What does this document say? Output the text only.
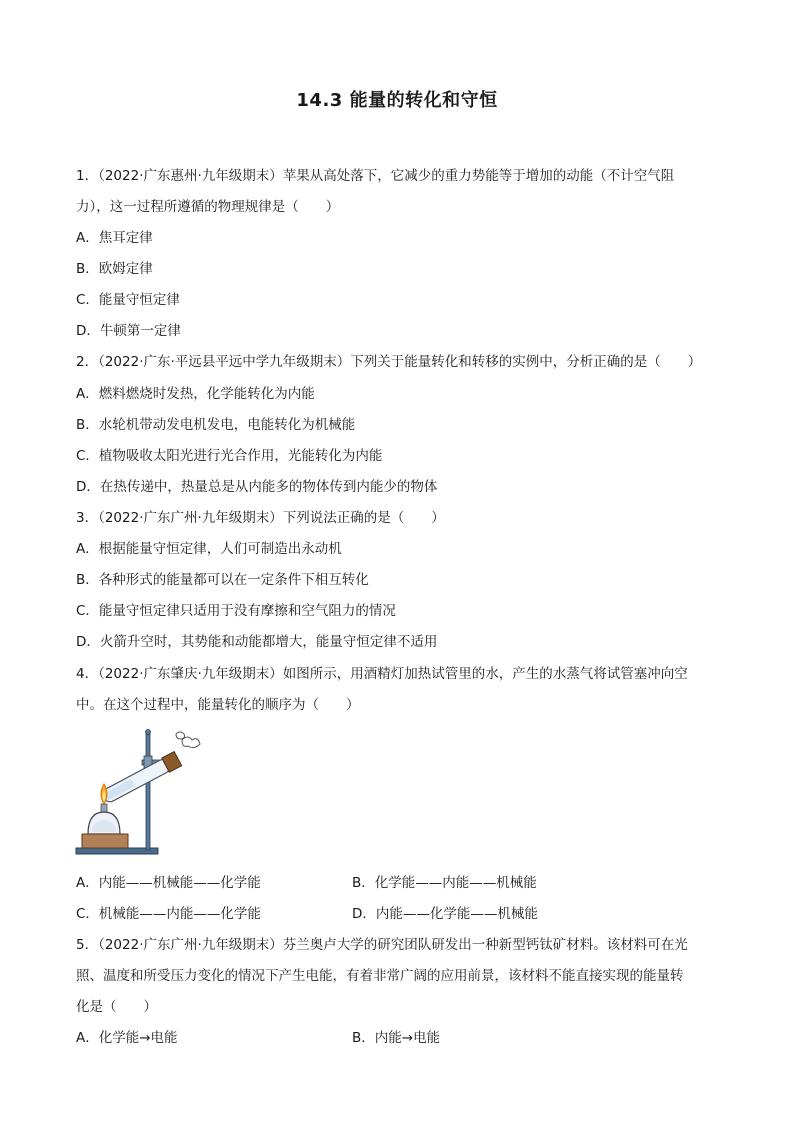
14.3 能量的转化和守恒
1．（2022·广东惠州·九年级期末）苹果从高处落下，它减少的重力势能等于增加的动能（不计空气阻
力），这一过程所遵循的物理规律是（　　）
A．焦耳定律
B．欧姆定律
C．能量守恒定律
D．牛顿第一定律
2．（2022·广东·平远县平远中学九年级期末）下列关于能量转化和转移的实例中，分析正确的是（　　）
A．燃料燃烧时发热，化学能转化为内能
B．水轮机带动发电机发电，电能转化为机械能
C．植物吸收太阳光进行光合作用，光能转化为内能
D．在热传递中，热量总是从内能多的物体传到内能少的物体
3．（2022·广东广州·九年级期末）下列说法正确的是（　　）
A．根据能量守恒定律，人们可制造出永动机
B．各种形式的能量都可以在一定条件下相互转化
C．能量守恒定律只适用于没有摩擦和空气阻力的情况
D．火箭升空时，其势能和动能都增大，能量守恒定律不适用
4．（2022·广东肇庆·九年级期末）如图所示，用酒精灯加热试管里的水，产生的水蒸气将试管塞冲向空
中。在这个过程中，能量转化的顺序为（　　）
A．内能——机械能——化学能	B．化学能——内能——机械能
C．机械能——内能——化学能	D．内能——化学能——机械能
5．（2022·广东广州·九年级期末）芬兰奥卢大学的研究团队研发出一种新型钙钛矿材料。该材料可在光
照、温度和所受压力变化的情况下产生电能，有着非常广阔的应用前景，该材料不能直接实现的能量转
化是（　　）
A．化学能→电能	B．内能→电能
